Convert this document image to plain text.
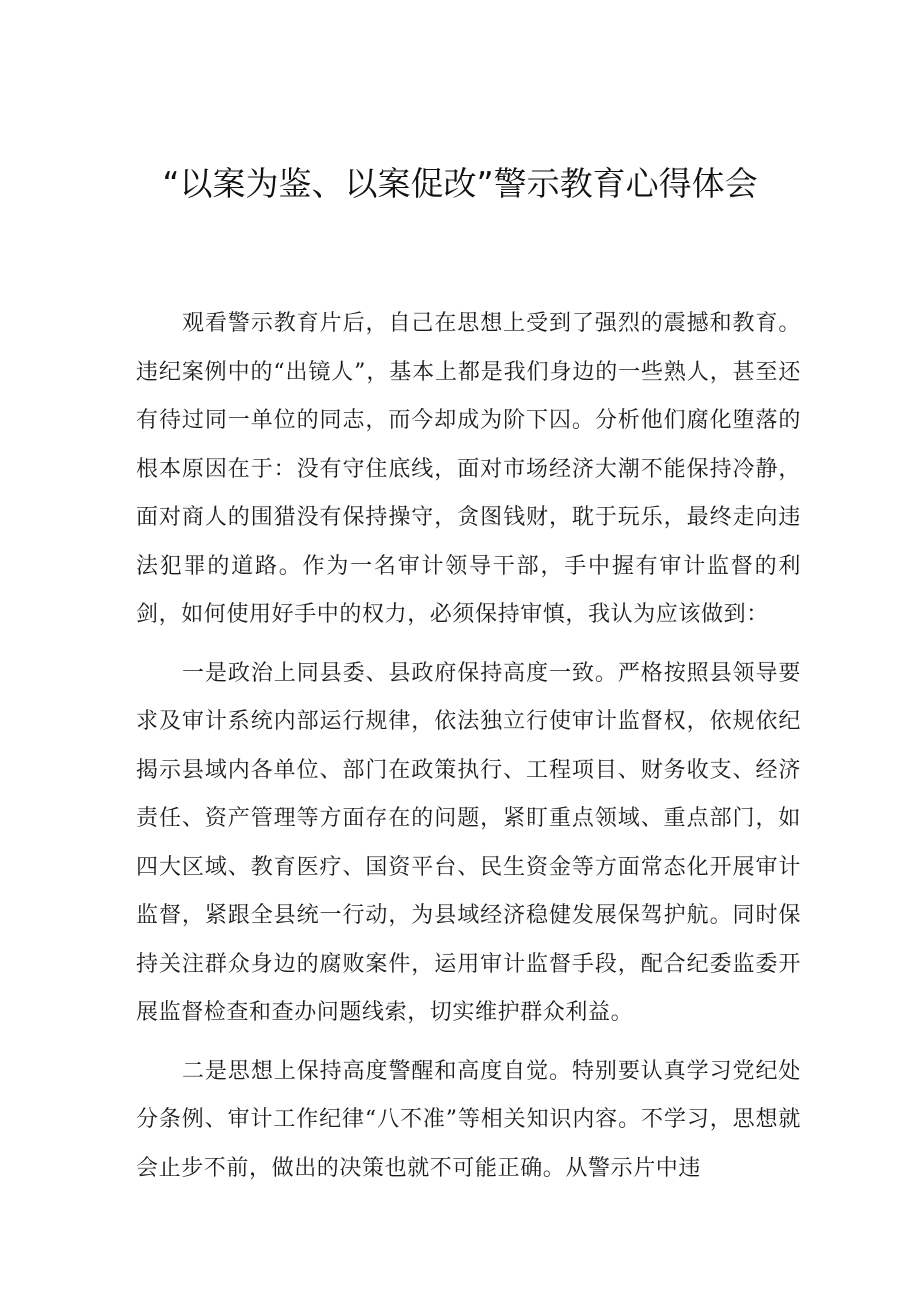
“以案为鉴、以案促改”警示教育心得体会

观看警示教育片后，自己在思想上受到了强烈的震撼和教育。违纪案例中的“出镜人”，基本上都是我们身边的一些熟人，甚至还有待过同一单位的同志，而今却成为阶下囚。分析他们腐化堕落的根本原因在于：没有守住底线，面对市场经济大潮不能保持冷静，面对商人的围猎没有保持操守，贪图钱财，耽于玩乐，最终走向违法犯罪的道路。作为一名审计领导干部，手中握有审计监督的利剑，如何使用好手中的权力，必须保持审慎，我认为应该做到：

一是政治上同县委、县政府保持高度一致。严格按照县领导要求及审计系统内部运行规律，依法独立行使审计监督权，依规依纪揭示县域内各单位、部门在政策执行、工程项目、财务收支、经济责任、资产管理等方面存在的问题，紧盯重点领域、重点部门，如四大区域、教育医疗、国资平台、民生资金等方面常态化开展审计监督，紧跟全县统一行动，为县域经济稳健发展保驾护航。同时保持关注群众身边的腐败案件，运用审计监督手段，配合纪委监委开展监督检查和查办问题线索，切实维护群众利益。

二是思想上保持高度警醒和高度自觉。特别要认真学习党纪处分条例、审计工作纪律“八不准”等相关知识内容。不学习，思想就会止步不前，做出的决策也就不可能正确。从警示片中违
